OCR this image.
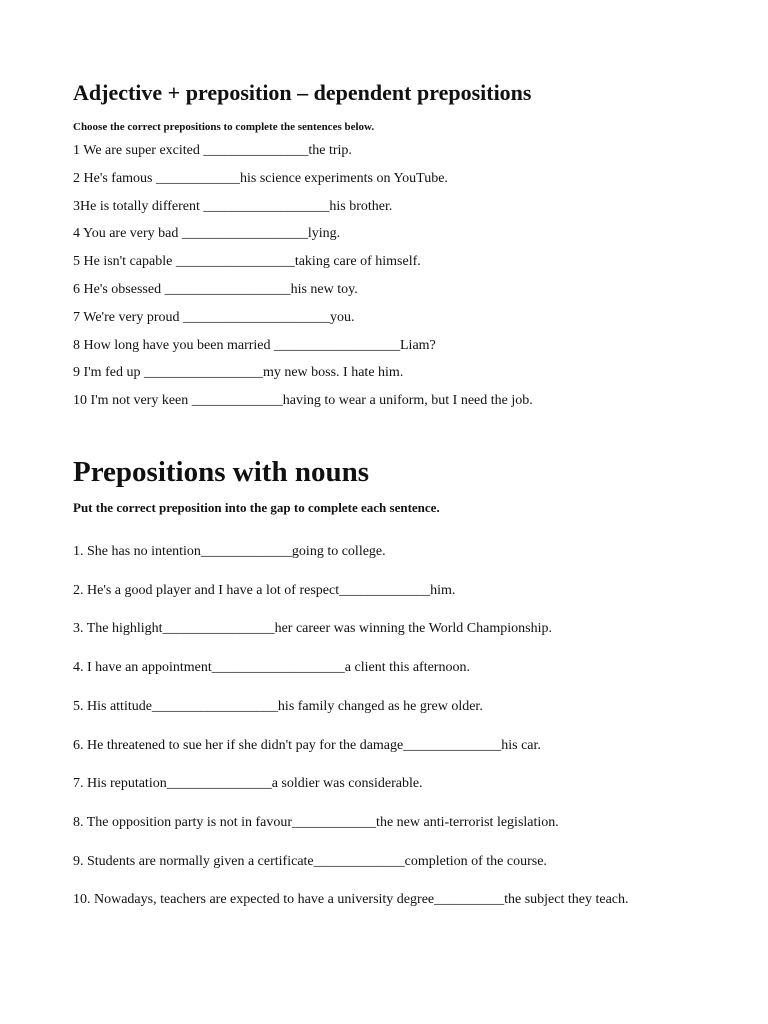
Adjective + preposition – dependent prepositions
Choose the correct prepositions to complete the sentences below.
1 We are super excited _______________the trip.
2 He's famous ____________his science experiments on YouTube.
3He is totally different __________________his brother.
4 You are very bad __________________lying.
5 He isn't capable _________________taking care of himself.
6 He's obsessed __________________his new toy.
7 We're very proud _____________________you.
8 How long have you been married __________________Liam?
9 I'm fed up _________________my new boss. I hate him.
10 I'm not very keen _____________having to wear a uniform, but I need the job.
Prepositions with nouns
Put the correct preposition into the gap to complete each sentence.
1. She has no intention_____________going to college.
2. He's a good player and I have a lot of respect_____________him.
3. The highlight________________her career was winning the World Championship.
4. I have an appointment___________________a client this afternoon.
5. His attitude__________________his family changed as he grew older.
6. He threatened to sue her if she didn't pay for the damage______________his car.
7. His reputation_______________a soldier was considerable.
8. The opposition party is not in favour____________the new anti-terrorist legislation.
9. Students are normally given a certificate_____________completion of the course.
10. Nowadays, teachers are expected to have a university degree__________the subject they teach.
